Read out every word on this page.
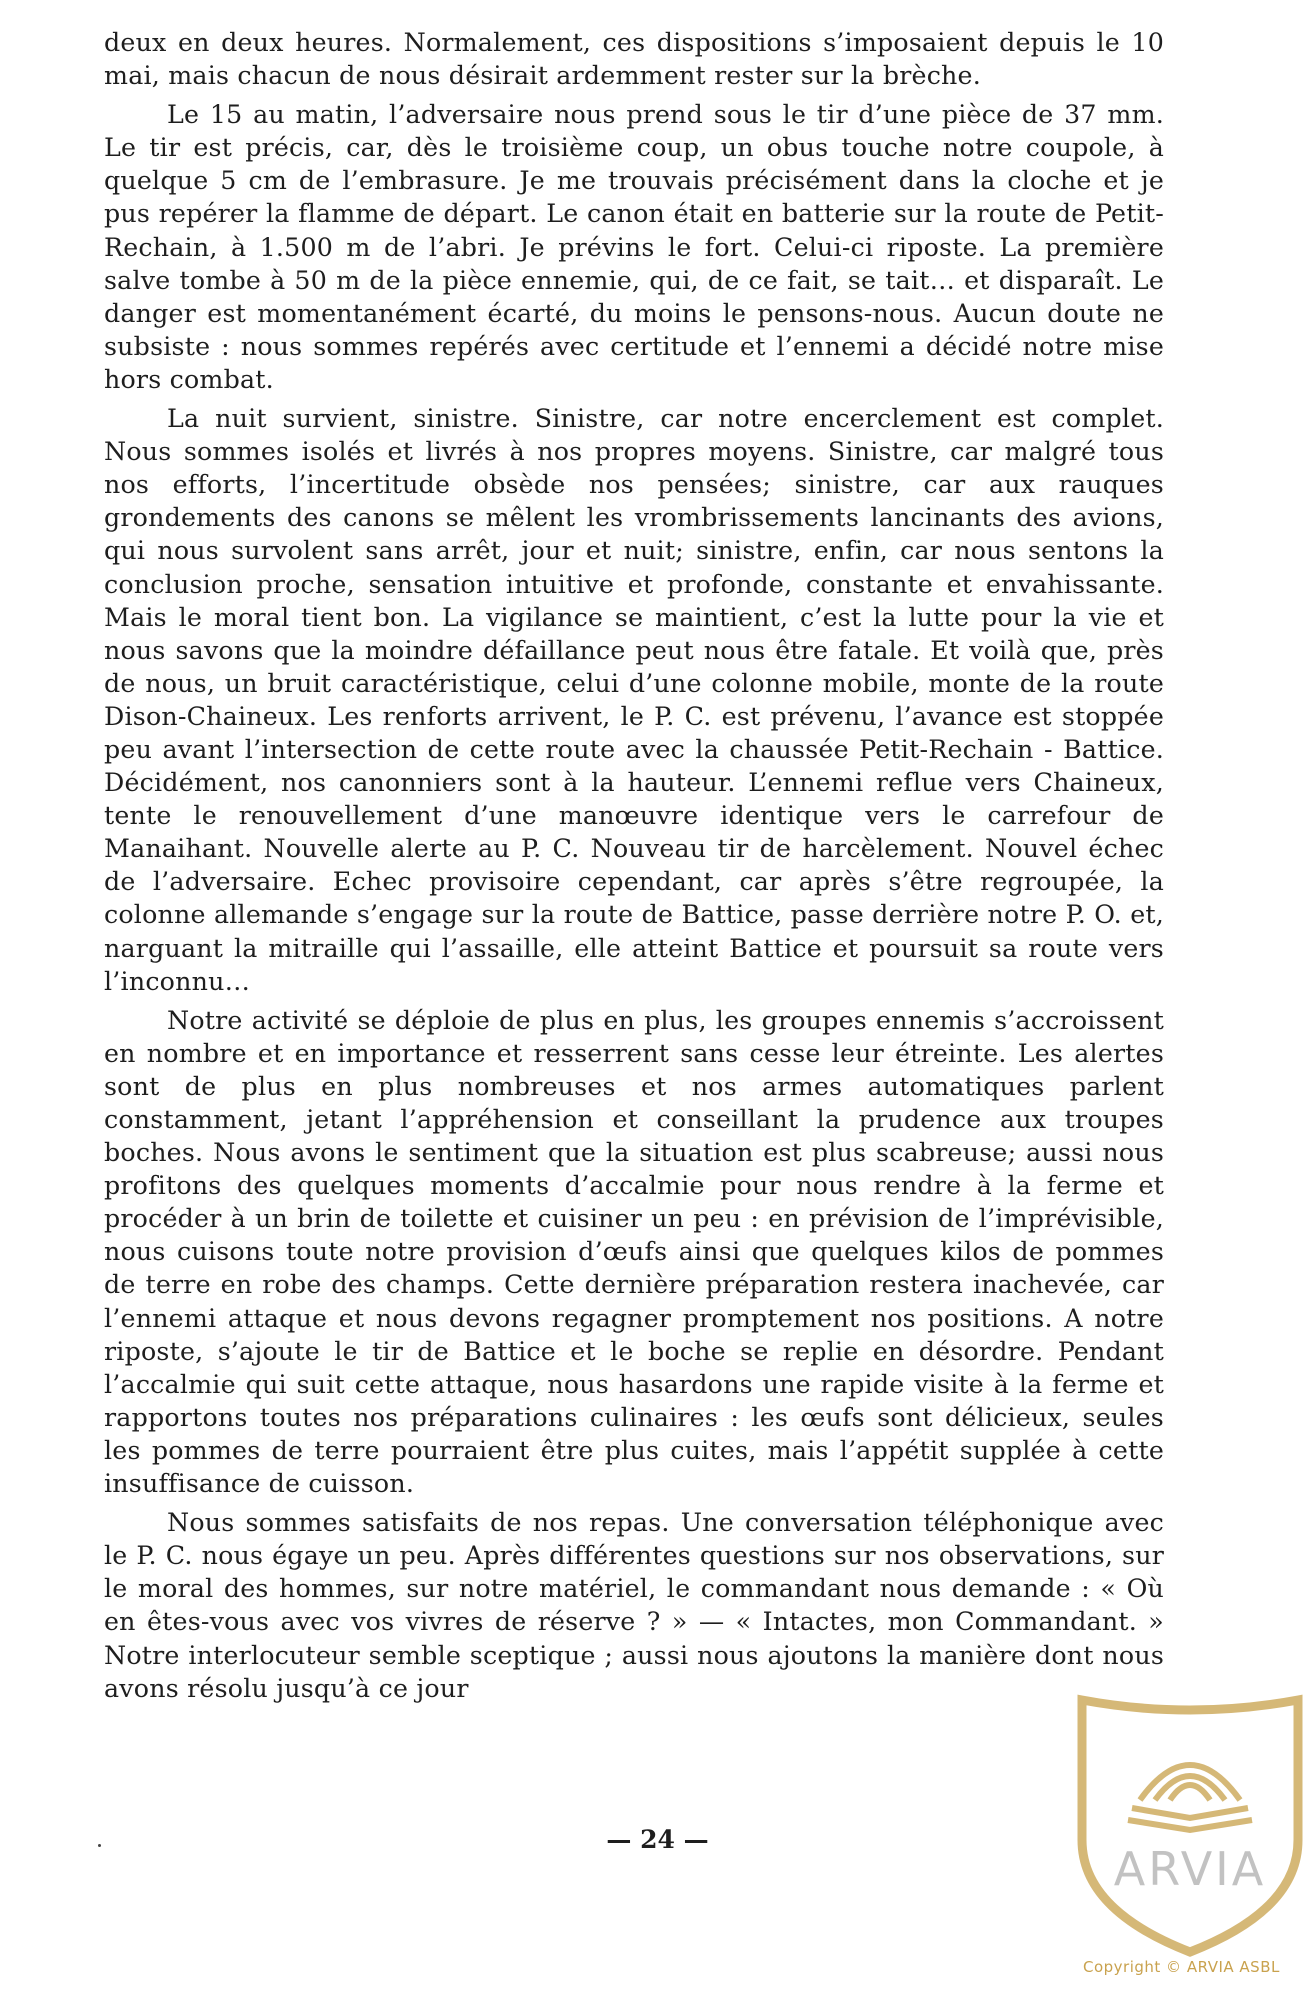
deux en deux heures. Normalement, ces dispositions s’imposaient depuis le 10 mai, mais chacun de nous désirait ardemment rester sur la brèche.

Le 15 au matin, l’adversaire nous prend sous le tir d’une pièce de 37 mm. Le tir est précis, car, dès le troisième coup, un obus touche notre coupole, à quelque 5 cm de l’embrasure. Je me trouvais précisément dans la cloche et je pus repérer la flamme de départ. Le canon était en batterie sur la route de Petit-Rechain, à 1.500 m de l’abri. Je prévins le fort. Celui-ci riposte. La première salve tombe à 50 m de la pièce ennemie, qui, de ce fait, se tait… et disparaît. Le danger est momentanément écarté, du moins le pensons-nous. Aucun doute ne subsiste : nous sommes repérés avec certitude et l’ennemi a décidé notre mise hors combat.

La nuit survient, sinistre. Sinistre, car notre encerclement est complet. Nous sommes isolés et livrés à nos propres moyens. Sinistre, car malgré tous nos efforts, l’incertitude obsède nos pensées; sinistre, car aux rauques grondements des canons se mêlent les vrombrissements lancinants des avions, qui nous survolent sans arrêt, jour et nuit; sinistre, enfin, car nous sentons la conclusion proche, sensation intuitive et profonde, constante et envahissante. Mais le moral tient bon. La vigilance se maintient, c’est la lutte pour la vie et nous savons que la moindre défaillance peut nous être fatale. Et voilà que, près de nous, un bruit caractéristique, celui d’une colonne mobile, monte de la route Dison-Chaineux. Les renforts arrivent, le P. C. est prévenu, l’avance est stoppée peu avant l’intersection de cette route avec la chaussée Petit-Rechain - Battice. Décidément, nos canonniers sont à la hauteur. L’ennemi reflue vers Chaineux, tente le renouvellement d’une manœuvre identique vers le carrefour de Manaihant. Nouvelle alerte au P. C. Nouveau tir de harcèlement. Nouvel échec de l’adversaire. Echec provisoire cependant, car après s’être regroupée, la colonne allemande s’engage sur la route de Battice, passe derrière notre P. O. et, narguant la mitraille qui l’assaille, elle atteint Battice et poursuit sa route vers l’inconnu…

Notre activité se déploie de plus en plus, les groupes ennemis s’accroissent en nombre et en importance et resserrent sans cesse leur étreinte. Les alertes sont de plus en plus nombreuses et nos armes automatiques parlent constamment, jetant l’appréhension et conseillant la prudence aux troupes boches. Nous avons le sentiment que la situation est plus scabreuse; aussi nous profitons des quelques moments d’accalmie pour nous rendre à la ferme et procéder à un brin de toilette et cuisiner un peu : en prévision de l’imprévisible, nous cuisons toute notre provision d’œufs ainsi que quelques kilos de pommes de terre en robe des champs. Cette dernière préparation restera inachevée, car l’ennemi attaque et nous devons regagner promptement nos positions. A notre riposte, s’ajoute le tir de Battice et le boche se replie en désordre. Pendant l’accalmie qui suit cette attaque, nous hasardons une rapide visite à la ferme et rapportons toutes nos préparations culinaires : les œufs sont délicieux, seules les pommes de terre pourraient être plus cuites, mais l’appétit supplée à cette insuffisance de cuisson.

Nous sommes satisfaits de nos repas. Une conversation téléphonique avec le P. C. nous égaye un peu. Après différentes questions sur nos observations, sur le moral des hommes, sur notre matériel, le commandant nous demande : « Où en êtes-vous avec vos vivres de réserve ? » — « Intactes, mon Commandant. » Notre interlocuteur semble sceptique ; aussi nous ajoutons la manière dont nous avons résolu jusqu’à ce jour

— 24 —
ARVIA
Copyright © ARVIA ASBL
